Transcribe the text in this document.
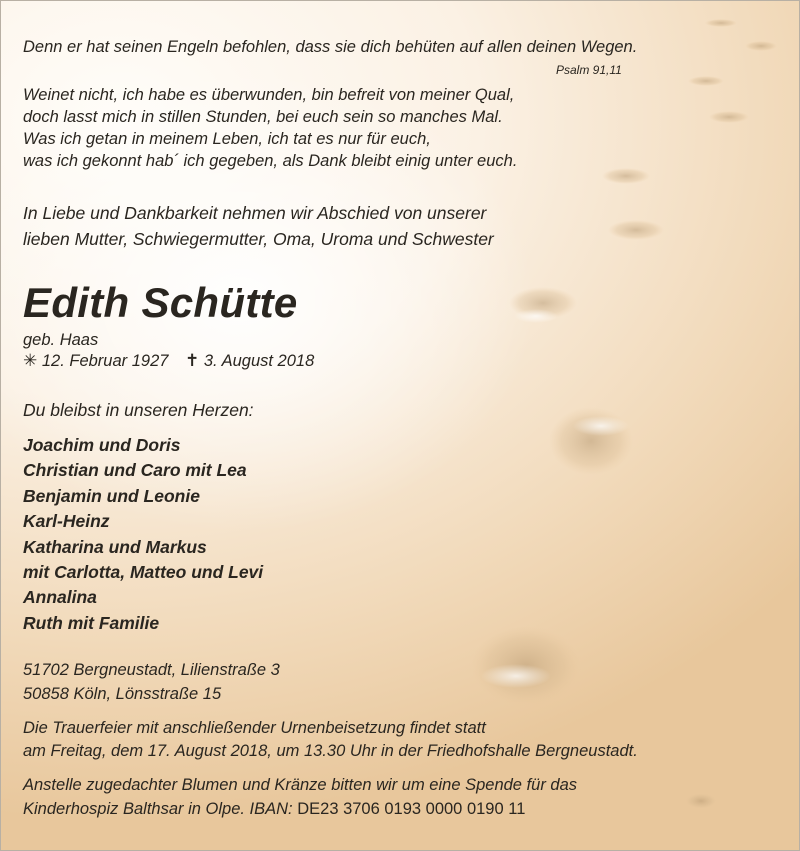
Denn er hat seinen Engeln befohlen, dass sie dich behüten auf allen deinen Wegen.
Psalm 91,11
Weinet nicht, ich habe es überwunden, bin befreit von meiner Qual,
doch lasst mich in stillen Stunden, bei euch sein so manches Mal.
Was ich getan in meinem Leben, ich tat es nur für euch,
was ich gekonnt hab´ ich gegeben, als Dank bleibt einig unter euch.
In Liebe und Dankbarkeit nehmen wir Abschied von unserer
lieben Mutter, Schwiegermutter, Oma, Uroma und Schwester
Edith Schütte
geb. Haas
✳ 12. Februar 1927 ✝ 3. August 2018
Du bleibst in unseren Herzen:
Joachim und Doris
Christian und Caro mit Lea
Benjamin und Leonie
Karl-Heinz
Katharina und Markus
mit Carlotta, Matteo und Levi
Annalina
Ruth mit Familie
51702 Bergneustadt, Lilienstraße 3
50858 Köln, Lönsstraße 15
Die Trauerfeier mit anschließender Urnenbeisetzung findet statt
am Freitag, dem 17. August 2018, um 13.30 Uhr in der Friedhofshalle Bergneustadt.
Anstelle zugedachter Blumen und Kränze bitten wir um eine Spende für das
Kinderhospiz Balthsar in Olpe. IBAN: DE23 3706 0193 0000 0190 11
